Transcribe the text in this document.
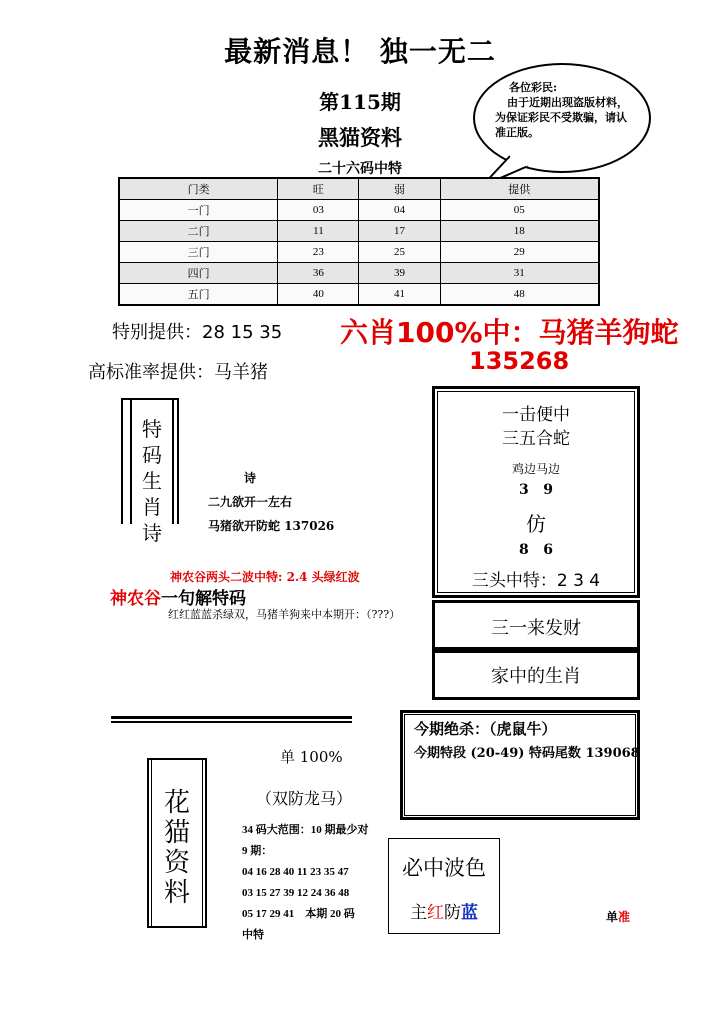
最新消息！ 独一无二
第115期
黑猫资料
二十六码中特
各位彩民:
由于近期出现盗版材料，为保证彩民不受欺骗，请认准正版。
门类	旺	弱	提供
一门	03	04	05
二门	11	17	18
三门	23	25	29
四门	36	39	31
五门	40	41	48
特别提供：28 15 35
高标准率提供：马羊猪
六肖100%中：马猪羊狗蛇
135268
特
码
生
肖
诗
诗
二九欲开一左右
马猪欲开防蛇 137026
一击便中
三五合蛇
鸡边马边
3   9
仿
8   6
三头中特：2 3 4
三一来发财
家中的生肖
神农谷两头二波中特: 2.4 头绿红波
神农谷一句解特码
红红蓝蓝杀绿双，马猪羊狗来中本期开：（???）
今期绝杀：（虎鼠牛）
今期特段 (20-49) 特码尾数 139068
单 100%
（双防龙马）
花
猫
资
料
34 码大范围：10 期最少对
9 期：
04 16 28 40 11 23 35 47
03 15 27 39 12 24 36 48
05 17 29 41    本期 20 码
中特
必中波色
主红防蓝	单准
